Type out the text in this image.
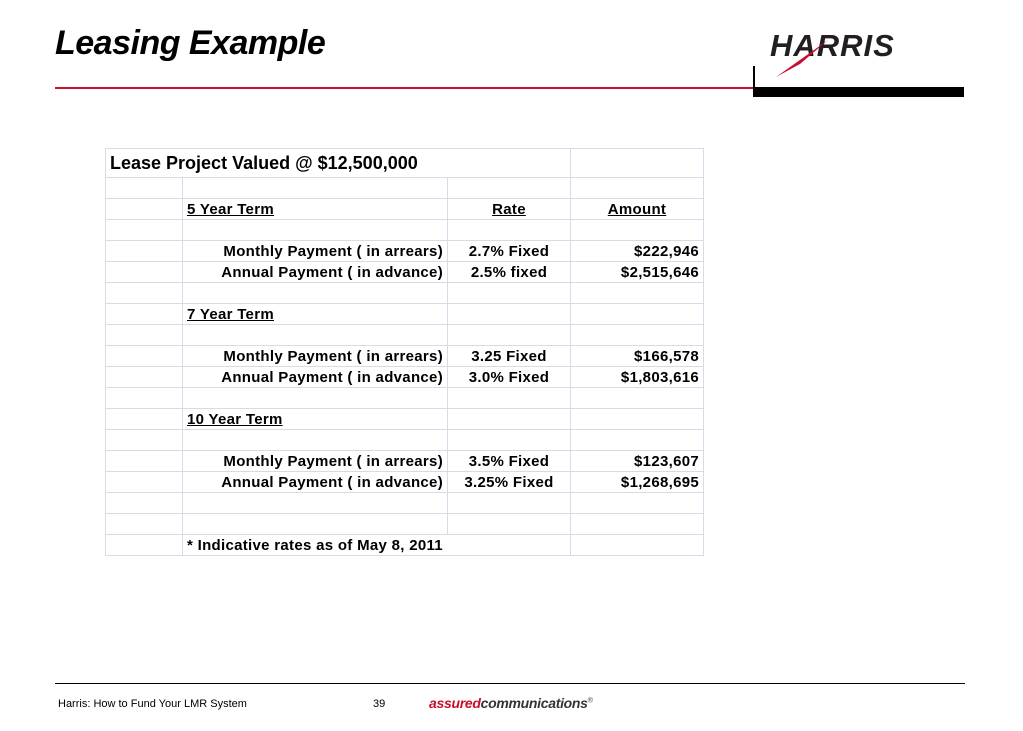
Leasing Example	HARRIS
Lease Project Valued @ $12,500,000			

	5 Year Term	Rate	Amount

	Monthly Payment ( in arrears)	2.7% Fixed	$222,946
	Annual Payment ( in advance)	2.5% fixed	$2,515,646

	7 Year Term		

	Monthly Payment ( in arrears)	3.25 Fixed	$166,578
	Annual Payment ( in advance)	3.0% Fixed	$1,803,616

	10 Year Term		

	Monthly Payment ( in arrears)	3.5% Fixed	$123,607
	Annual Payment ( in advance)	3.25% Fixed	$1,268,695

	* Indicative rates as of May 8, 2011		
Harris: How to Fund Your LMR System	39	assuredcommunications®
